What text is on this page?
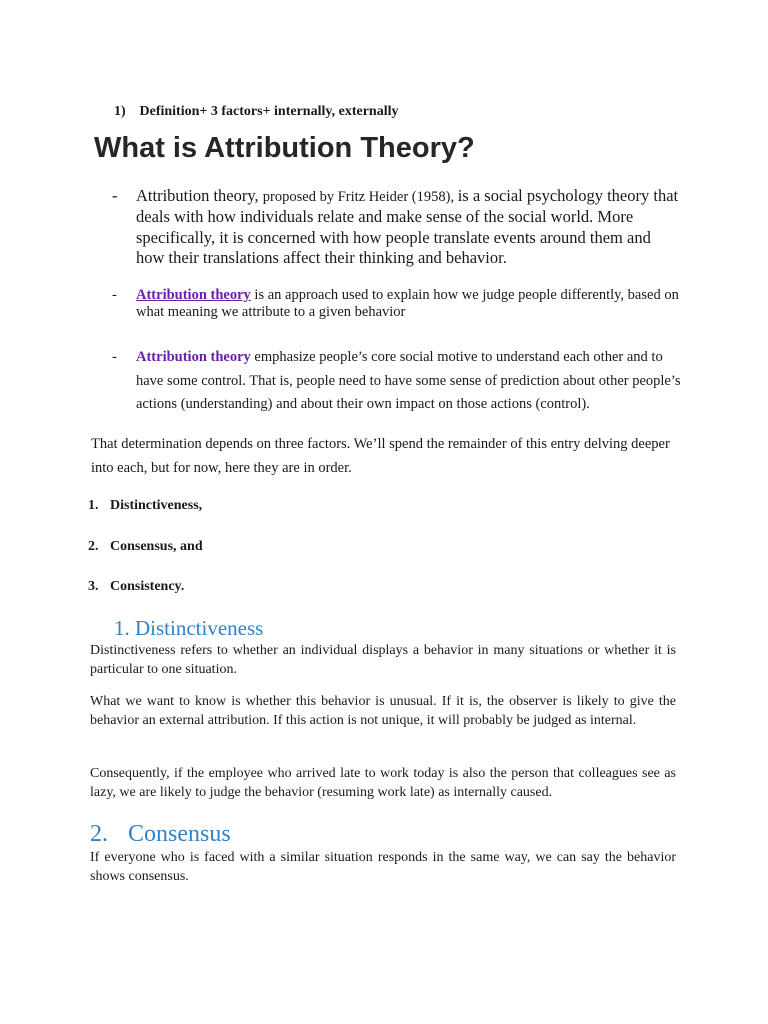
1) Definition+ 3 factors+ internally, externally

What is Attribution Theory?
- Attribution theory, proposed by Fritz Heider (1958), is a social psychology theory that deals with how individuals relate and make sense of the social world. More specifically, it is concerned with how people translate events around them and how their translations affect their thinking and behavior.
- Attribution theory is an approach used to explain how we judge people differently, based on what meaning we attribute to a given behavior
- Attribution theory emphasize people’s core social motive to understand each other and to have some control. That is, people need to have some sense of prediction about other people’s actions (understanding) and about their own impact on those actions (control).

That determination depends on three factors. We’ll spend the remainder of this entry delving deeper into each, but for now, here they are in order.

1. Distinctiveness,

2. Consensus, and

3. Consistency.

1. Distinctiveness

Distinctiveness refers to whether an individual displays a behavior in many situations or whether it is particular to one situation.

What we want to know is whether this behavior is unusual. If it is, the observer is likely to give the behavior an external attribution. If this action is not unique, it will probably be judged as internal.

Consequently, if the employee who arrived late to work today is also the person that colleagues see as lazy, we are likely to judge the behavior (resuming work late) as internally caused.

2. Consensus

If everyone who is faced with a similar situation responds in the same way, we can say the behavior shows consensus.
